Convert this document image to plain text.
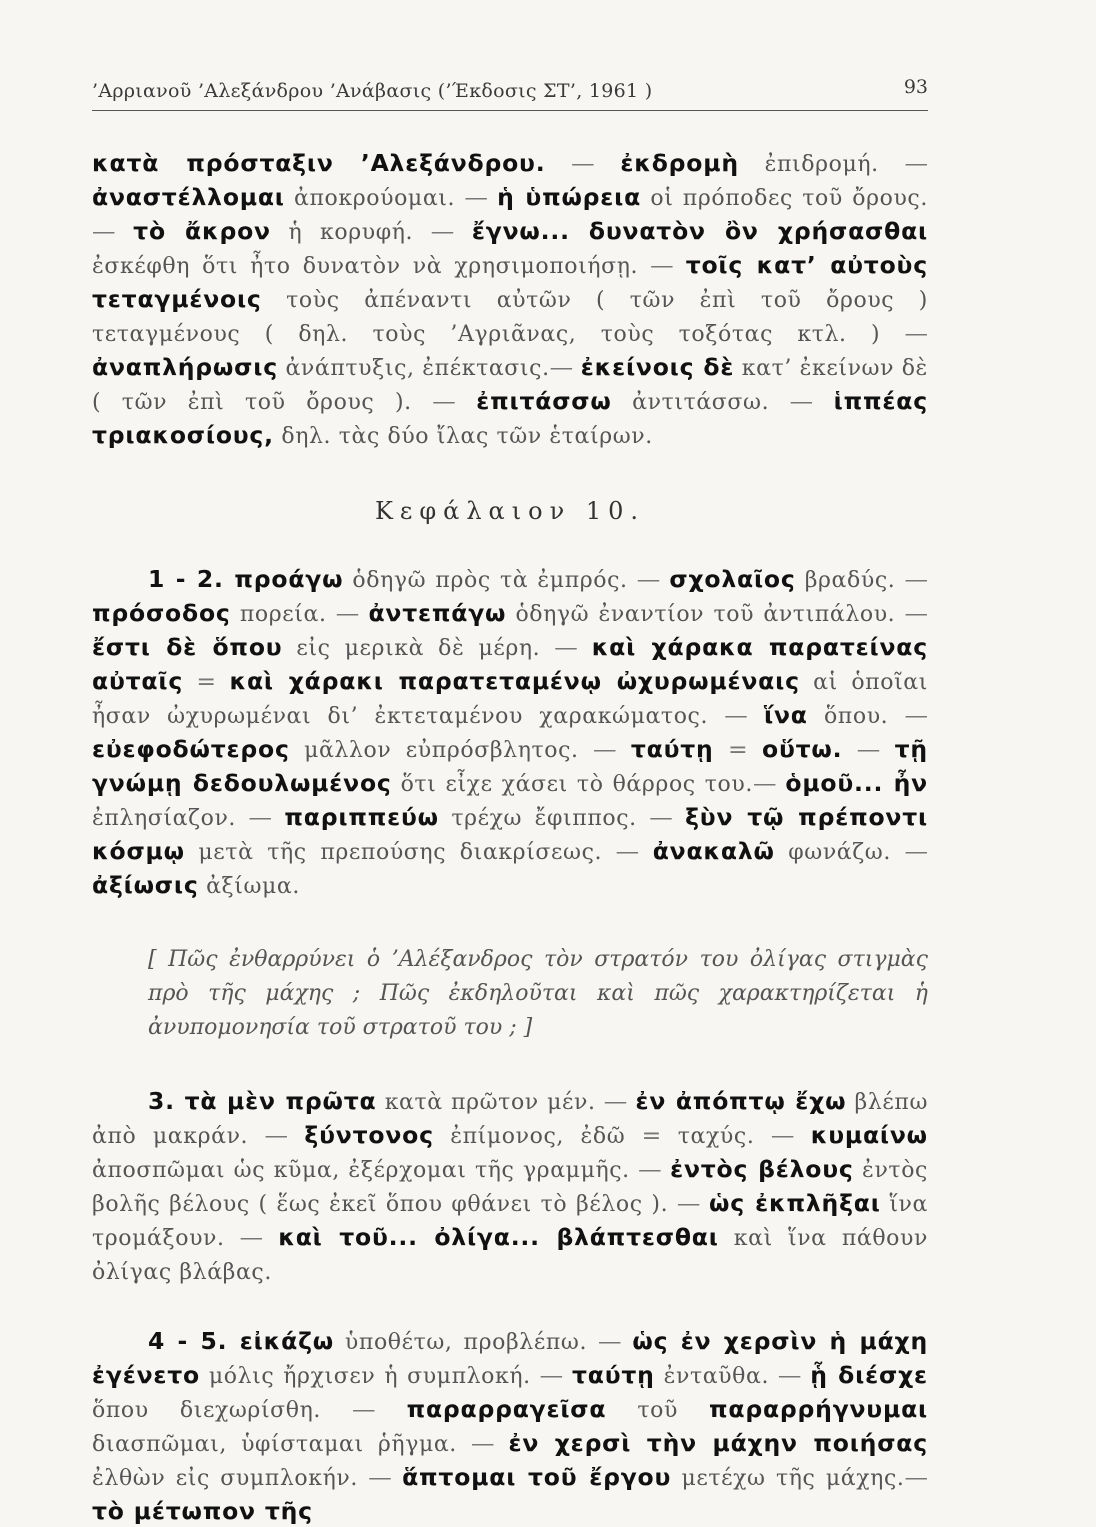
’Αρριανοῦ ’Αλεξάνδρου ’Ανάβασις (’Έκδοσις ΣΤ’, 1961 )	93

κατὰ πρόσταξιν ’Αλεξάνδρου. — ἐκδρομὴ ἐπιδρομή. — ἀναστέλλομαι ἀποκρούομαι. — ἡ ὑπώρεια οἱ πρόποδες τοῦ ὄρους. — τὸ ἄκρον ἡ κορυφή. — ἔγνω... δυνατὸν ὂν χρήσασθαι ἐσκέφθη ὅτι ἦτο δυνατὸν νὰ χρησιμοποιήσῃ. — τοῖς κατ’ αὐτοὺς τεταγμένοις τοὺς ἀπέναντι αὐτῶν ( τῶν ἐπὶ τοῦ ὄρους ) τεταγμένους ( δηλ. τοὺς ’Αγριᾶνας, τοὺς τοξότας κτλ. ) — ἀναπλήρωσις ἀνάπτυξις, ἐπέκτασις.— ἐκείνοις δὲ κατ’ ἐκείνων δὲ ( τῶν ἐπὶ τοῦ ὄρους ). — ἐπιτάσσω ἀντιτάσσω. — ἱππέας τριακοσίους, δηλ. τὰς δύο ἴλας τῶν ἑταίρων.

Κεφάλαιον 10.

1 - 2. προάγω ὁδηγῶ πρὸς τὰ ἐμπρός. — σχολαῖος βραδύς. — πρόσοδος πορεία. — ἀντεπάγω ὁδηγῶ ἐναντίον τοῦ ἀντιπάλου. — ἔστι δὲ ὅπου εἰς μερικὰ δὲ μέρη. — καὶ χάρακα παρατείνας αὐταῖς = καὶ χάρακι παρατεταμένῳ ὠχυρωμέναις αἱ ὁποῖαι ἦσαν ὠχυρωμέναι δι’ ἐκτεταμένου χαρακώματος. — ἵνα ὅπου. — εὐεφοδώτερος μᾶλλον εὐπρόσβλητος. — ταύτῃ = οὕτω. — τῇ γνώμῃ δεδουλωμένος ὅτι εἶχε χάσει τὸ θάρρος του.— ὁμοῦ... ἦν ἐπλησίαζον. — παριππεύω τρέχω ἔφιππος. — ξὺν τῷ πρέποντι κόσμῳ μετὰ τῆς πρεπούσης διακρίσεως. — ἀνακαλῶ φωνάζω. — ἀξίωσις ἀξίωμα.

[ Πῶς ἐνθαρρύνει ὁ ’Αλέξανδρος τὸν στρατόν του ὀλίγας στιγμὰς πρὸ τῆς μάχης ; Πῶς ἐκδηλοῦται καὶ πῶς χαρακτηρίζεται ἡ ἀνυπομονησία τοῦ στρατοῦ του ; ]

3. τὰ μὲν πρῶτα κατὰ πρῶτον μέν. — ἐν ἀπόπτῳ ἔχω βλέπω ἀπὸ μακράν. — ξύντονος ἐπίμονος, ἐδῶ = ταχύς. — κυμαίνω ἀποσπῶμαι ὡς κῦμα, ἐξέρχομαι τῆς γραμμῆς. — ἐντὸς βέλους ἐντὸς βολῆς βέλους ( ἕως ἐκεῖ ὅπου φθάνει τὸ βέλος ). — ὡς ἐκπλῆξαι ἵνα τρομάξουν. — καὶ τοῦ... ὀλίγα... βλάπτεσθαι καὶ ἵνα πάθουν ὀλίγας βλάβας.

4 - 5. εἰκάζω ὑποθέτω, προβλέπω. — ὡς ἐν χερσὶν ἡ μάχη ἐγένετο μόλις ἤρχισεν ἡ συμπλοκή. — ταύτῃ ἐνταῦθα. — ᾗ διέσχε ὅπου διεχωρίσθη. — παραρραγεῖσα τοῦ παραρρήγνυμαι διασπῶμαι, ὑφίσταμαι ῥῆγμα. — ἐν χερσὶ τὴν μάχην ποιήσας ἐλθὼν εἰς συμπλοκήν. — ἅπτομαι τοῦ ἔργου μετέχω τῆς μάχης.— τὸ μέτωπον τῆς
